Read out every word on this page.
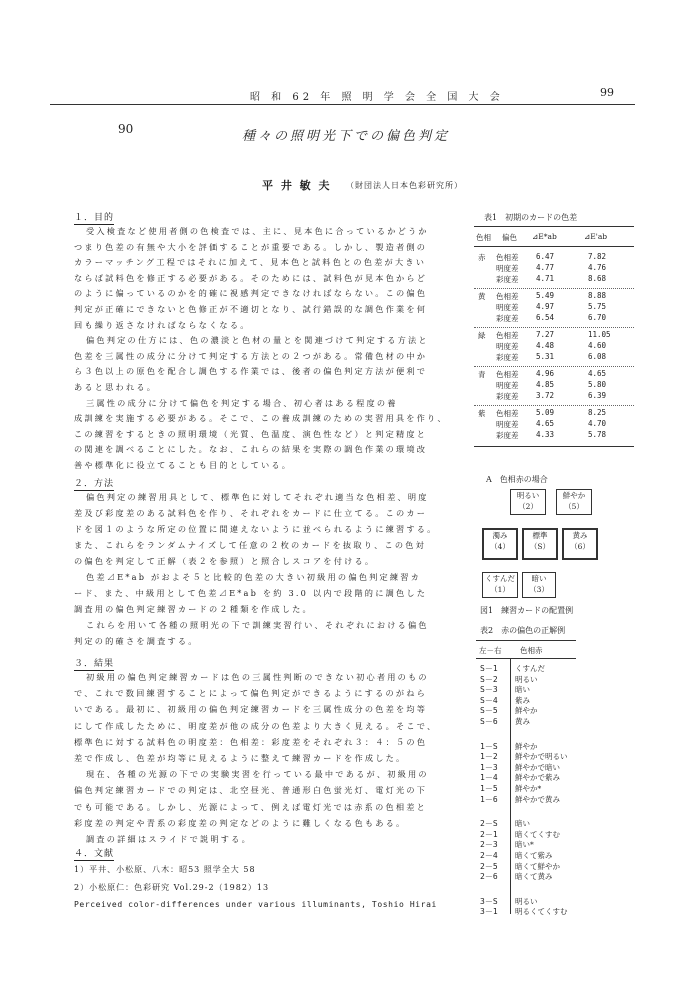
昭 和 62 年 照 明 学 会 全 国 大 会	99
90	種々の照明光下での偏色判定
平 井 敏 夫 （財団法人日本色彩研究所）
１．目的
受入検査など使用者側の色検査では、主に、見本色に合っているかどうか
つまり色差の有無や大小を評価することが重要である。しかし、製造者側の
カラーマッチング工程ではそれに加えて、見本色と試料色との色差が大きい
ならば試料色を修正する必要がある。そのためには、試料色が見本色からど
のように偏っているのかを的確に視感判定できなければならない。この偏色
判定が正確にできないと色修正が不適切となり、試行錯誤的な調色作業を何
回も繰り返さなければならなくなる。
偏色判定の仕方には、色の濃淡と色材の量とを関連づけて判定する方法と
色差を三属性の成分に分けて判定する方法との２つがある。常備色材の中か
ら３色以上の原色を配合し調色する作業では、後者の偏色判定方法が便利で
あると思われる。
三属性の成分に分けて偏色を判定する場合、初心者はある程度の養
成訓練を実施する必要がある。そこで、この養成訓練のための実習用具を作り、
この練習をするときの照明環境（光質、色温度、演色性など）と判定精度と
の関連を調べることにした。なお、これらの結果を実際の調色作業の環境改
善や標準化に役立てることも目的としている。
２．方法
偏色判定の練習用具として、標準色に対してそれぞれ適当な色相差、明度
差及び彩度差のある試料色を作り、それぞれをカードに仕立てる。このカー
ドを図１のような所定の位置に間違えないように並べられるように練習する。
また、これらをランダムナイズして任意の２枚のカードを抜取り、この色対
の偏色を判定して正解（表２を参照）と照合しスコアを付ける。
色差⊿E*ab がおよそ５と比較的色差の大きい初級用の偏色判定練習カ
ード、また、中級用として色差⊿E*ab を約 3.0 以内で段階的に調色した
調査用の偏色判定練習カードの２種類を作成した。
これらを用いて各種の照明光の下で訓練実習行い、それぞれにおける偏色
判定の的確さを調査する。
３．結果
初級用の偏色判定練習カードは色の三属性判断のできない初心者用のもの
で、これで数回練習することによって偏色判定ができるようにするのがねら
いである。最初に、初級用の偏色判定練習カードを三属性成分の色差を均等
にして作成したために、明度差が他の成分の色差より大きく見える。そこで、
標準色に対する試料色の明度差：色相差：彩度差をそれぞれ３：４：５の色
差で作成し、色差が均等に見えるように整えて練習カードを作成した。
現在、各種の光源の下での実験実習を行っている最中であるが、初級用の
偏色判定練習カードでの判定は、北空昼光、普通形白色蛍光灯、電灯光の下
でも可能である。しかし、光源によって、例えば電灯光では赤系の色相差と
彩度差の判定や青系の彩度差の判定などのように難しくなる色もある。
調査の詳細はスライドで説明する。
４．文献
1）平井、小松原、八木：昭53 照学全大 58
2）小松原仁：色彩研究 Vol.29-2（1982）13
Perceived color-differences under various illuminants, Toshio Hirai
表1　初期のカードの色差
色相 偏色 ⊿E*ab	⊿E'ab
赤 色相差 6.47	7.82
明度差 4.77	4.76
彩度差 4.71	8.68
黄 色相差 5.49	8.88
明度差 4.97	5.75
彩度差 6.54	6.70
緑 色相差 7.27	11.05
明度差 4.48	4.60
彩度差 5.31	6.08
青 色相差 4.96	4.65
明度差 4.85	5.80
彩度差 3.72	6.39
紫 色相差 5.09	8.25
明度差 4.65	4.70
彩度差 4.33	5.78
A　色相赤の場合
明るい
（2）
鮮やか
（5）
濁み
（4）
標準
（S）
黄み
（6）
くすんだ
（1）
暗い
（3）
図1　練習カードの配置例
表2　赤の偏色の正解例
左－右 色相赤
S－1 くすんだ
S－2 明るい
S－3 暗い
S－4 紫み
S－5 鮮やか
S－6 黄み
1－S 鮮やか
1－2 鮮やかで明るい
1－3 鮮やかで暗い
1－4 鮮やかで紫み
1－5 鮮やか*
1－6 鮮やかで黄み
2－S 暗い
2－1 暗くてくすむ
2－3 暗い*
2－4 暗くて紫み
2－5 暗くて鮮やか
2－6 暗くて黄み
3－S 明るい
3－1 明るくてくすむ
